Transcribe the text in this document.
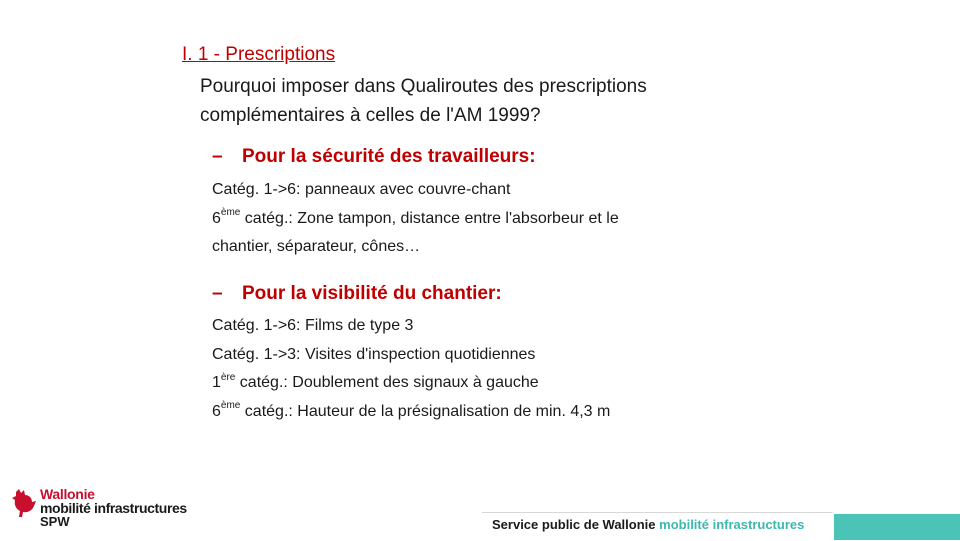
I. 1 - Prescriptions

Pourquoi imposer dans Qualiroutes des prescriptions
complémentaires à celles de l'AM 1999?

– Pour la sécurité des travailleurs:
Catég. 1->6: panneaux avec couvre-chant
6ème catég.: Zone tampon, distance entre l'absorbeur et le
chantier, séparateur, cônes…
– Pour la visibilité du chantier:
Catég. 1->6: Films de type 3
Catég. 1->3: Visites d'inspection quotidiennes
1ère catég.: Doublement des signaux à gauche
6ème catég.: Hauteur de la présignalisation de min. 4,3 m
Wallonie
mobilité infrastructures
SPW	Service public de Wallonie mobilité infrastructures
